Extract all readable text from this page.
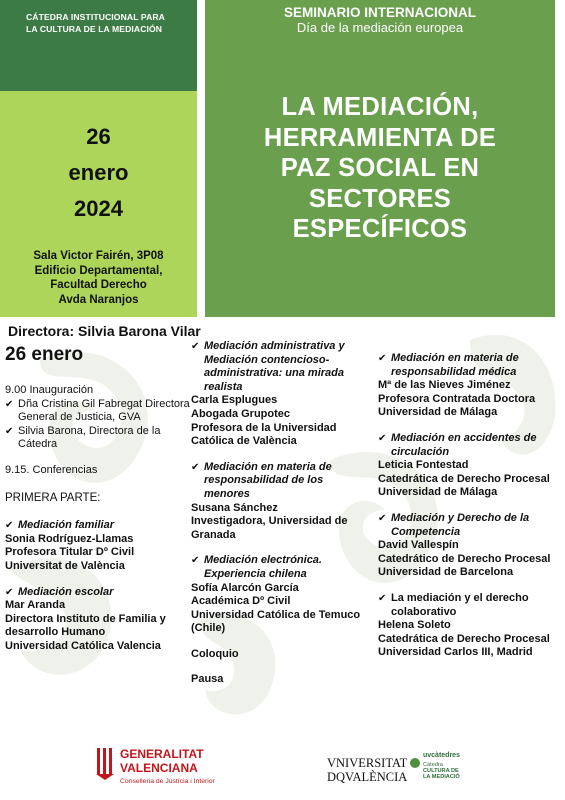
CÁTEDRA INSTITUCIONAL PARA
LA CULTURA DE LA MEDIACIÓN
26
enero
2024
Sala Victor Fairén, 3P08
Edificio Departamental,
Facultad Derecho
Avda Naranjos
SEMINARIO INTERNACIONAL
Día de la mediación europea
LA MEDIACIÓN,
HERRAMIENTA DE
PAZ SOCIAL EN
SECTORES
ESPECÍFICOS
Directora: Silvia Barona Vilar
26 enero
9.00 Inauguración
✔ Dña Cristina Gil Fabregat Directora General de Justicia, GVA
✔ Silvia Barona, Directora de la Cátedra
9.15. Conferencias
PRIMERA PARTE:
✔ Mediación familiar
Sonia Rodríguez-Llamas
Profesora Titular Dº Civil
Universitat de València
✔ Mediación escolar
Mar Aranda
Directora Instituto de Familia y desarrollo Humano
Universidad Católica Valencia
✔ Mediación administrativa y Mediación contencioso-administrativa: una mirada realista
Carla Esplugues
Abogada Grupotec
Profesora de la Universidad Católica de València
✔ Mediación en materia de responsabilidad de los menores
Susana Sánchez
Investigadora, Universidad de Granada
✔ Mediación electrónica. Experiencia chilena
Sofía Alarcón García
Académica Dº Civil
Universidad Católica de Temuco (Chile)
Coloquio
Pausa
✔ Mediación en materia de responsabilidad médica
Mª de las Nieves Jiménez
Profesora Contratada Doctora
Universidad de Málaga
✔ Mediación en accidentes de circulación
Leticia Fontestad
Catedrática de Derecho Procesal
Universidad de Málaga
✔ Mediación y Derecho de la Competencia
David Vallespín
Catedrático de Derecho Procesal
Universidad de Barcelona
✔ La mediación y el derecho colaborativo
Helena Soleto
Catedrática de Derecho Procesal
Universidad Carlos III, Madrid
GENERALITAT
VALENCIANA
Conselleria de Justícia i Interior
VNIVERSITAT
DQVALÈNCIA
uvcàtedres
Càtedra
CULTURA DE
LA MEDIACIÓ
